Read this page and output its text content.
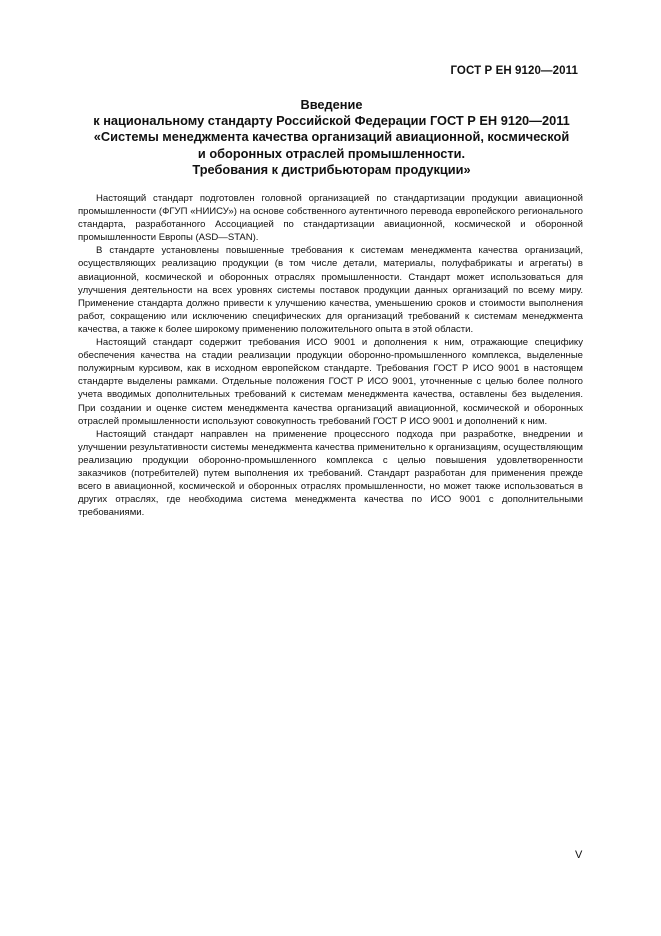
ГОСТ Р ЕН 9120—2011
Введение
к национальному стандарту Российской Федерации ГОСТ Р ЕН 9120—2011
«Системы менеджмента качества организаций авиационной, космической
и оборонных отраслей промышленности.
Требования к дистрибьюторам продукции»

Настоящий стандарт подготовлен головной организацией по стандартизации продукции авиационной промышленности (ФГУП «НИИСУ») на основе собственного аутентичного перевода европейского регионального стандарта, разработанного Ассоциацией по стандартизации авиационной, космической и оборонной промышленности Европы (ASD—STAN).

В стандарте установлены повышенные требования к системам менеджмента качества организаций, осуществляющих реализацию продукции (в том числе детали, материалы, полуфабрикаты и агрегаты) в авиационной, космической и оборонных отраслях промышленности. Стандарт может использоваться для улучшения деятельности на всех уровнях системы поставок продукции данных организаций по всему миру. Применение стандарта должно привести к улучшению качества, уменьшению сроков и стоимости выполнения работ, сокращению или исключению специфических для организаций требований к системам менеджмента качества, а также к более широкому применению положительного опыта в этой области.

Настоящий стандарт содержит требования ИСО 9001 и дополнения к ним, отражающие специфику обеспечения качества на стадии реализации продукции оборонно-промышленного комплекса, выделенные полужирным курсивом, как в исходном европейском стандарте. Требования ГОСТ Р ИСО 9001 в настоящем стандарте выделены рамками. Отдельные положения ГОСТ Р ИСО 9001, уточненные с целью более полного учета вводимых дополнительных требований к системам менеджмента качества, оставлены без выделения. При создании и оценке систем менеджмента качества организаций авиационной, космической и оборонных отраслей промышленности используют совокупность требований ГОСТ Р ИСО 9001 и дополнений к ним.

Настоящий стандарт направлен на применение процессного подхода при разработке, внедрении и улучшении результативности системы менеджмента качества применительно к организациям, осуществляющим реализацию продукции оборонно-промышленного комплекса с целью повышения удовлетворенности заказчиков (потребителей) путем выполнения их требований. Стандарт разработан для применения прежде всего в авиационной, космической и оборонных отраслях промышленности, но может также использоваться в других отраслях, где необходима система менеджмента качества по ИСО 9001 с дополнительными требованиями.

V
